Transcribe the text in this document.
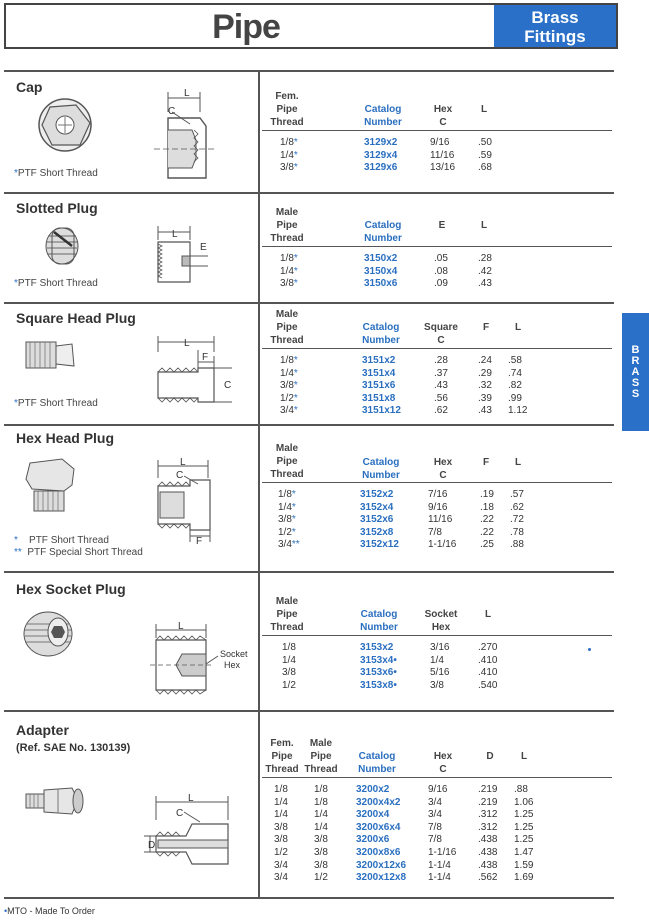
Pipe	Brass
Fittings
B
R
A
S
S
Cap
*PTF Short Thread
L
C
Fem.
Pipe
Thread
Catalog
Number
Hex
C
L
1/8*	3129x2	9/16	.50
1/4*	3129x4	11/16	.59
3/8*	3129x6	13/16	.68
Slotted Plug
*PTF Short Thread
L
E
Male
Pipe
Thread
Catalog
Number
E	L
1/8*	3150x2	.05	.28
1/4*	3150x4	.08	.42
3/8*	3150x6	.09	.43
Square Head Plug
*PTF Short Thread
L
F
C
Male
Pipe
Thread
Catalog
Number
Square
C
F	L
1/8*	3151x2	.28	.24	.58
1/4*	3151x4	.37	.29	.74
3/8*	3151x6	.43	.32	.82
1/2*	3151x8	.56	.39	.99
3/4*	3151x12	.62	.43	1.12
Hex Head Plug
* PTF Short Thread
** PTF Special Short Thread
L
C
F
Male
Pipe
Thread
Catalog
Number
Hex
C
F	L
1/8*	3152x2	7/16	.19	.57
1/4*	3152x4	9/16	.18	.62
3/8*	3152x6	11/16	.22	.72
1/2*	3152x8	7/8	.22	.78
3/4**	3152x12	1-1/16	.25	.88
Hex Socket Plug
L
Socket
Hex
Male
Pipe
Thread
Catalog
Number
Socket
Hex
L
1/8	3153x2	3/16	.270
1/4	3153x4•	1/4	.410
3/8	3153x6•	5/16	.410
1/2	3153x8•	3/8	.540
Adapter
(Ref. SAE No. 130139)
L
C
D
Fem.
Pipe
Thread
Male
Pipe
Thread
Catalog
Number
Hex
C
D	L
1/8	1/8	3200x2	9/16	.219	.88
1/4	1/8	3200x4x2	3/4	.219	1.06
1/4	1/4	3200x4	3/4	.312	1.25
3/8	1/4	3200x6x4	7/8	.312	1.25
3/8	3/8	3200x6	7/8	.438	1.25
1/2	3/8	3200x8x6	1-1/16	.438	1.47
3/4	3/8	3200x12x6	1-1/4	.438	1.59
3/4	1/2	3200x12x8	1-1/4	.562	1.69
•MTO - Made To Order
